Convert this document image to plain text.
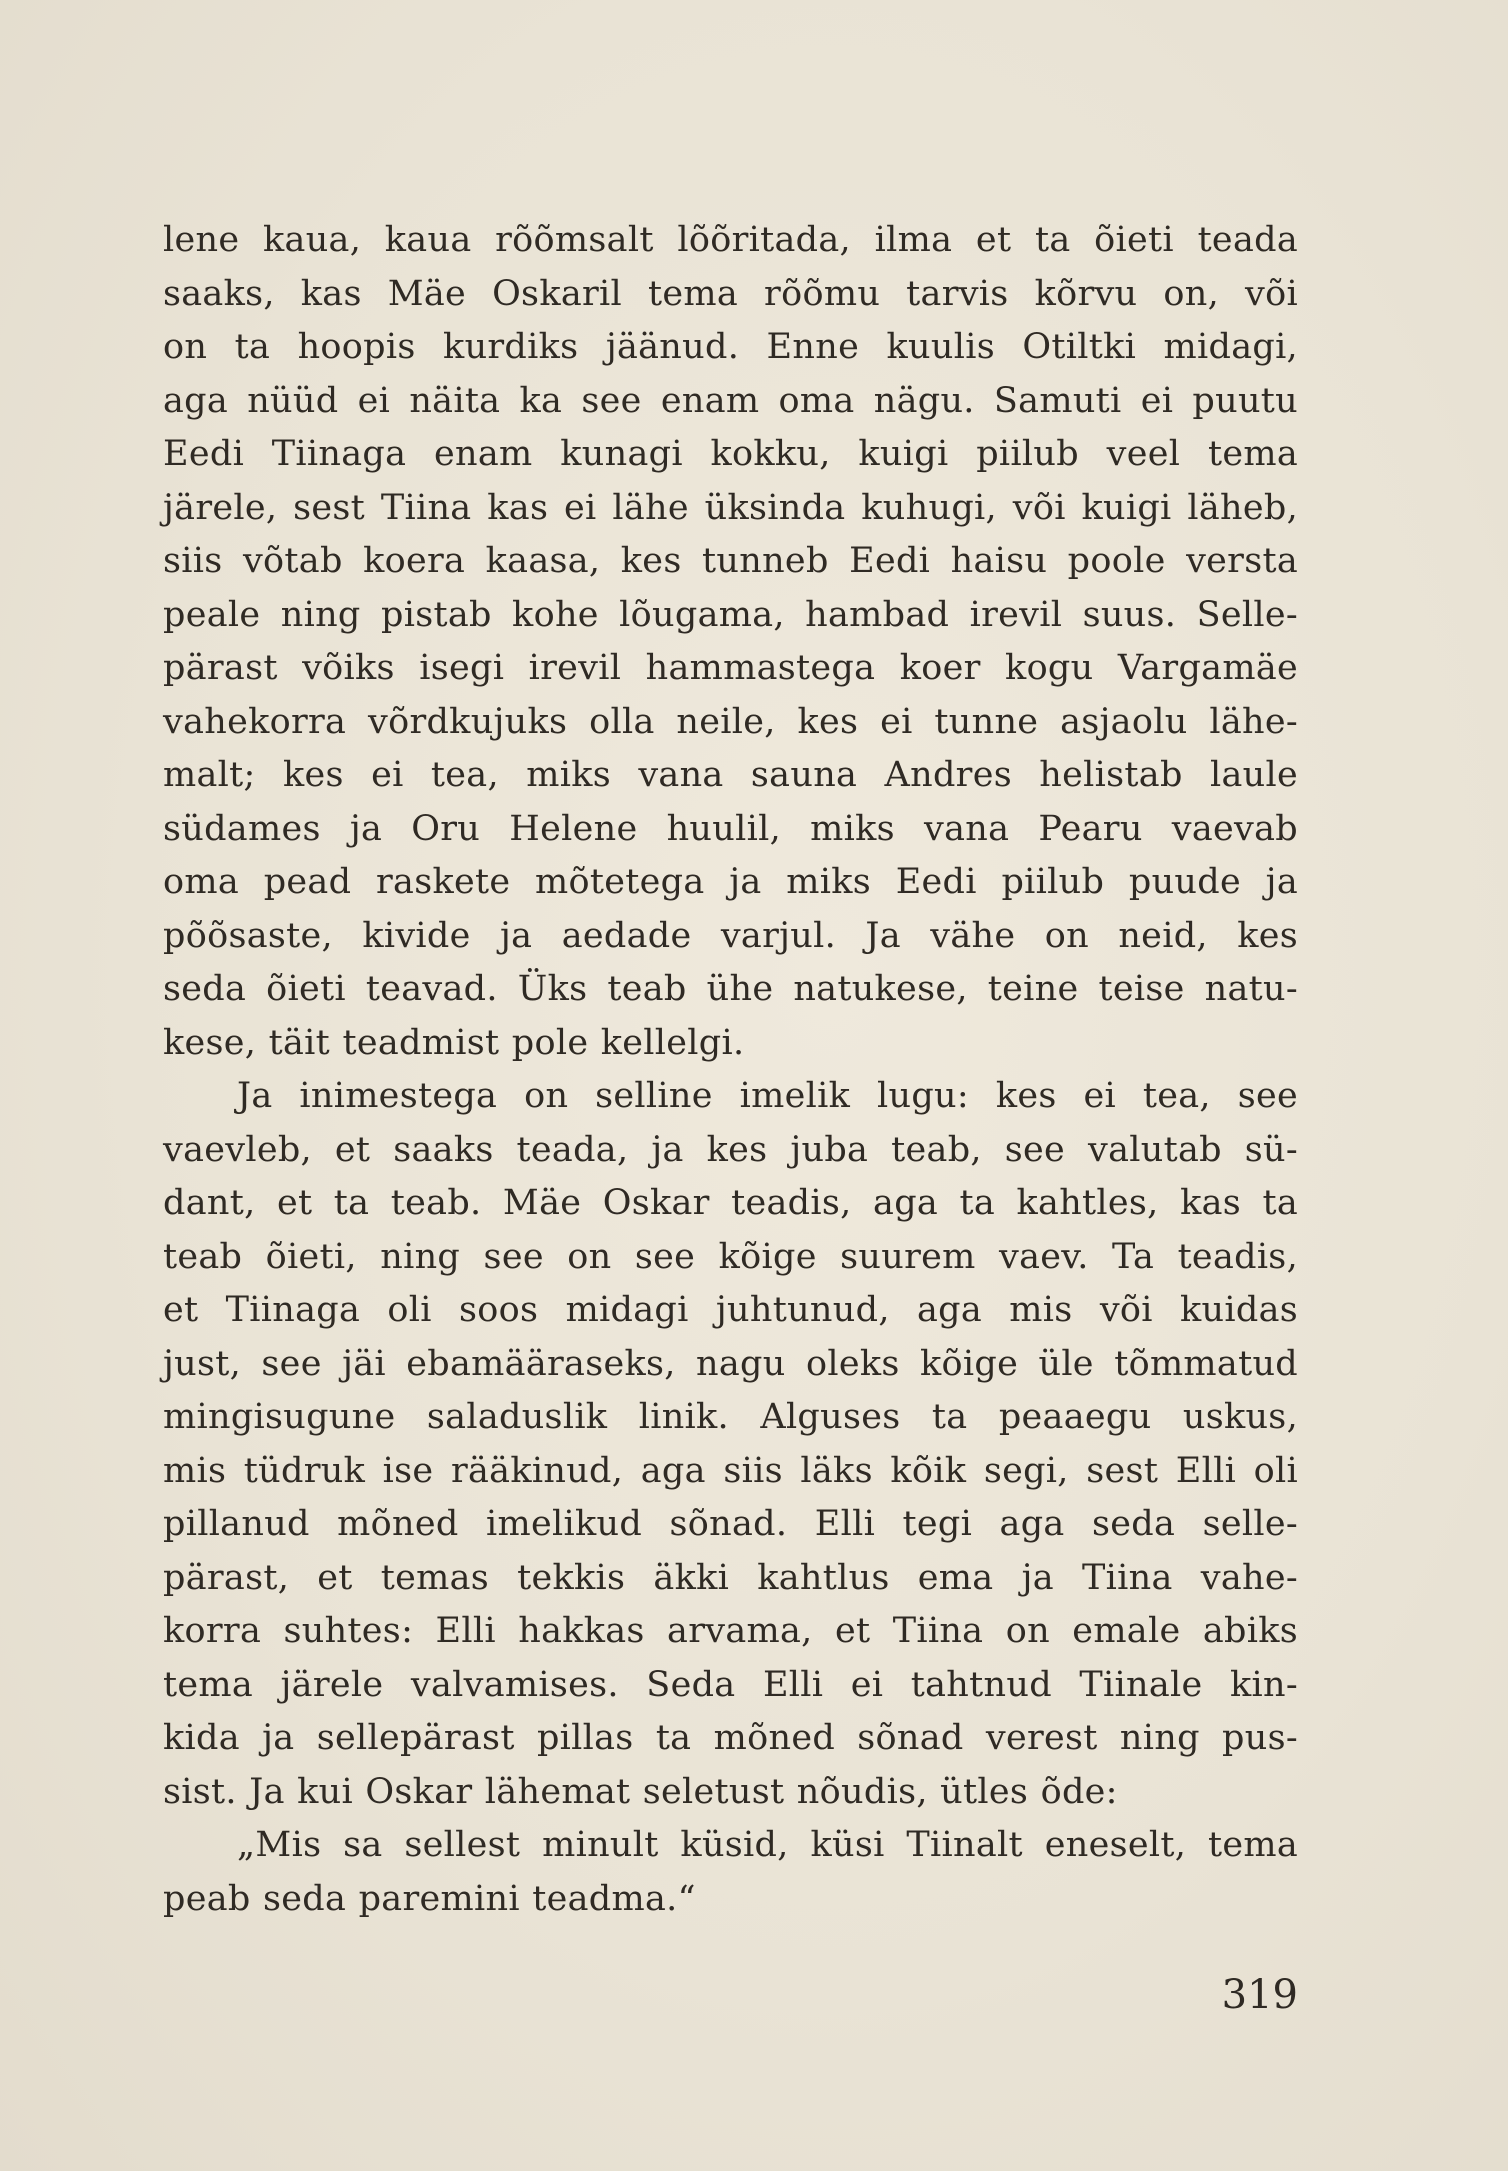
lene kaua, kaua rõõmsalt lõõritada, ilma et ta õieti teada
saaks, kas Mäe Oskaril tema rõõmu tarvis kõrvu on, või
on ta hoopis kurdiks jäänud. Enne kuulis Otiltki midagi,
aga nüüd ei näita ka see enam oma nägu. Samuti ei puutu
Eedi Tiinaga enam kunagi kokku, kuigi piilub veel tema
järele, sest Tiina kas ei lähe üksinda kuhugi, või kuigi läheb,
siis võtab koera kaasa, kes tunneb Eedi haisu poole versta
peale ning pistab kohe lõugama, hambad irevil suus. Selle-
pärast võiks isegi irevil hammastega koer kogu Vargamäe
vahekorra võrdkujuks olla neile, kes ei tunne asjaolu lähe-
malt; kes ei tea, miks vana sauna Andres helistab laule
südames ja Oru Helene huulil, miks vana Pearu vaevab
oma pead raskete mõtetega ja miks Eedi piilub puude ja
põõsaste, kivide ja aedade varjul. Ja vähe on neid, kes
seda õieti teavad. Üks teab ühe natukese, teine teise natu-
kese, täit teadmist pole kellelgi.
Ja inimestega on selline imelik lugu: kes ei tea, see
vaevleb, et saaks teada, ja kes juba teab, see valutab sü-
dant, et ta teab. Mäe Oskar teadis, aga ta kahtles, kas ta
teab õieti, ning see on see kõige suurem vaev. Ta teadis,
et Tiinaga oli soos midagi juhtunud, aga mis või kuidas
just, see jäi ebamääraseks, nagu oleks kõige üle tõmmatud
mingisugune saladuslik linik. Alguses ta peaaegu uskus,
mis tüdruk ise rääkinud, aga siis läks kõik segi, sest Elli oli
pillanud mõned imelikud sõnad. Elli tegi aga seda selle-
pärast, et temas tekkis äkki kahtlus ema ja Tiina vahe-
korra suhtes: Elli hakkas arvama, et Tiina on emale abiks
tema järele valvamises. Seda Elli ei tahtnud Tiinale kin-
kida ja sellepärast pillas ta mõned sõnad verest ning pus-
sist. Ja kui Oskar lähemat seletust nõudis, ütles õde:
„Mis sa sellest minult küsid, küsi Tiinalt eneselt, tema
peab seda paremini teadma.“
319
